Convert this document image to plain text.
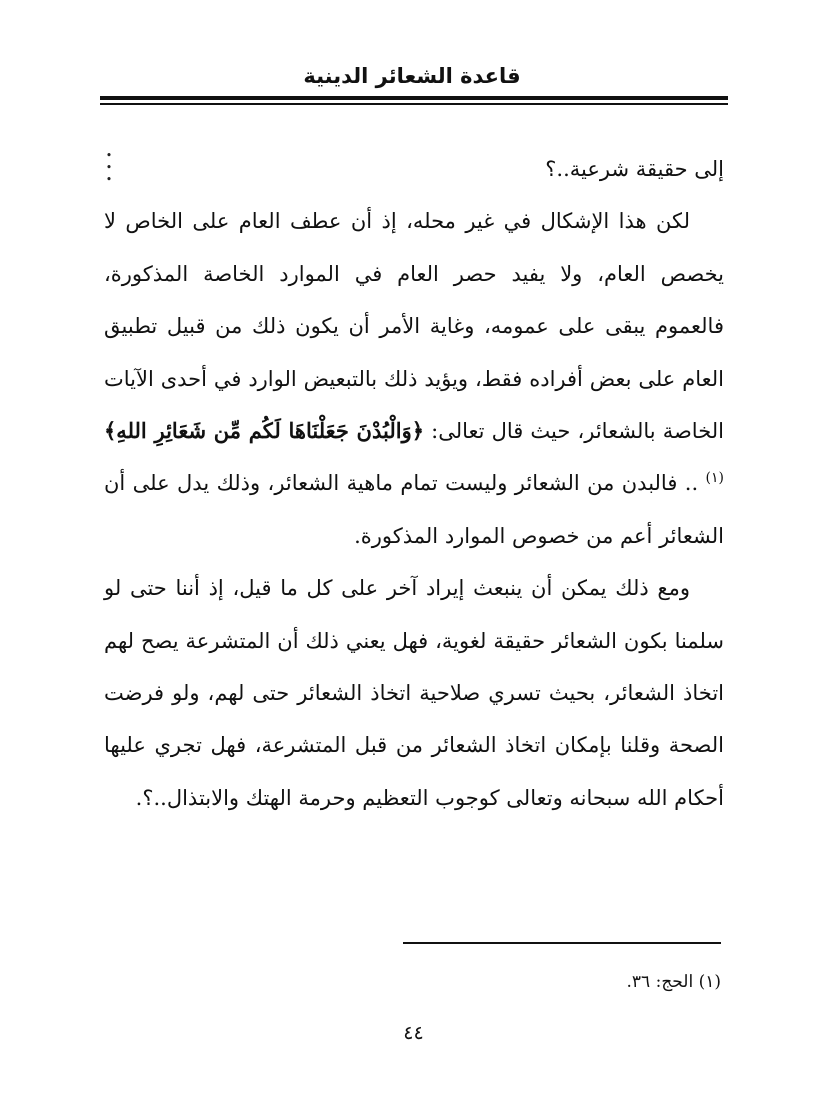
قاعدة الشعائر الدينية
• • •	إلى حقيقة شرعية..؟

لكن هذا الإشكال في غير محله، إذ أن عطف العام على الخاص لا يخصص العام، ولا يفيد حصر العام في الموارد الخاصة المذكورة، فالعموم يبقى على عمومه، وغاية الأمر أن يكون ذلك من قبيل تطبيق العام على بعض أفراده فقط، ويؤيد ذلك بالتبعيض الوارد في أحدى الآيات الخاصة بالشعائر، حيث قال تعالى: ﴿وَالْبُدْنَ جَعَلْنَاهَا لَكُم مِّن شَعَائِرِ اللهِ﴾$^{(١)}$ .. فالبدن من الشعائر وليست تمام ماهية الشعائر، وذلك يدل على أن الشعائر أعم من خصوص الموارد المذكورة.

ومع ذلك يمكن أن ينبعث إيراد آخر على كل ما قيل، إذ أننا حتى لو سلمنا بكون الشعائر حقيقة لغوية، فهل يعني ذلك أن المتشرعة يصح لهم اتخاذ الشعائر، بحيث تسري صلاحية اتخاذ الشعائر حتى لهم، ولو فرضت الصحة وقلنا بإمكان اتخاذ الشعائر من قبل المتشرعة، فهل تجري عليها أحكام الله سبحانه وتعالى كوجوب التعظيم وحرمة الهتك والابتذال..؟.

(١) الحج: ٣٦.
٤٤
